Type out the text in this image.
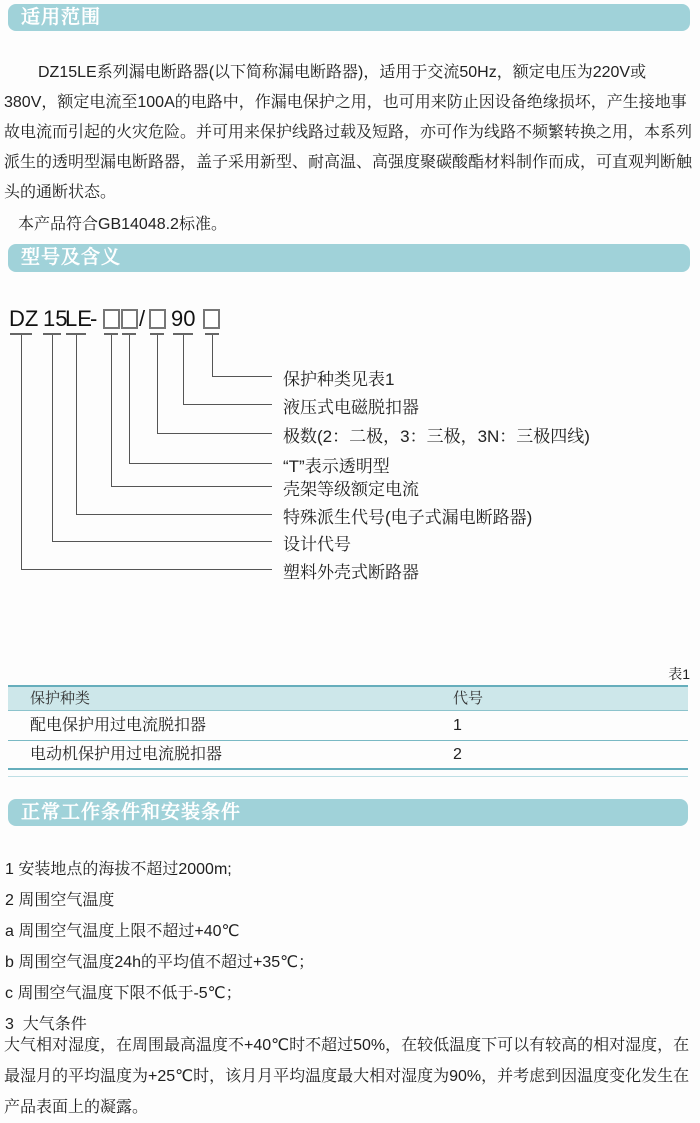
适用范围

DZ15LE系列漏电断路器(以下简称漏电断路器)，适用于交流50Hz，额定电压为220V或380V，额定电流至100A的电路中，作漏电保护之用，也可用来防止因设备绝缘损坏，产生接地事故电流而引起的火灾危险。并可用来保护线路过载及短路，亦可作为线路不频繁转换之用，本系列派生的透明型漏电断路器，盖子采用新型、耐高温、高强度聚碳酸酯材料制作而成，可直观判断触头的通断状态。

本产品符合GB14048.2标准。

型号及含义
DZ 15
LE
- / 90
保护种类见表1
液压式电磁脱扣器
极数(2：二极，3：三极，3N：三极四线)
“T”表示透明型
壳架等级额定电流
特殊派生代号(电子式漏电断路器)
设计代号
塑料外壳式断路器
表1
保护种类	代号
配电保护用过电流脱扣器	1
电动机保护用过电流脱扣器	2
正常工作条件和安装条件
1 安装地点的海拔不超过2000m;
2 周围空气温度
a 周围空气温度上限不超过+40℃
b 周围空气温度24h的平均值不超过+35℃；
c 周围空气温度下限不低于-5℃；
3  大气条件

大气相对湿度，在周围最高温度不+40℃时不超过50%，在较低温度下可以有较高的相对湿度，在最湿月的平均温度为+25℃时，该月月平均温度最大相对湿度为90%，并考虑到因温度变化发生在产品表面上的凝露。
